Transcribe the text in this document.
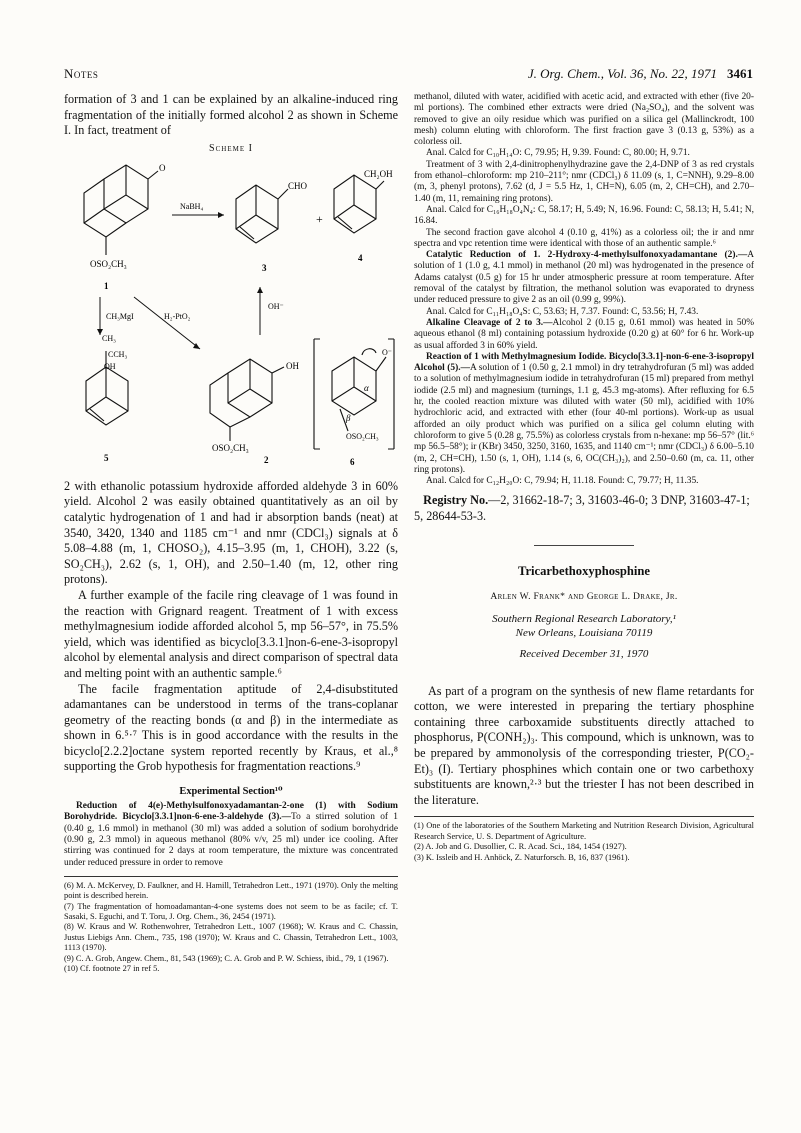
Notes	J. Org. Chem., Vol. 36, No. 22, 1971 3461

formation of 3 and 1 can be explained by an alkaline-induced ring fragmentation of the initially formed alcohol 2 as shown in Scheme I. In fact, treatment of

Scheme I
O
OSO₂CH₃
1
NaBH₄
CHO
3
+
CH₂OH
4
CH₃MgI	H₂-PtO₂
OH⁻
CH₃
CCH₃
OH
5
OH
OSO₂CH₃
2
O⁻
α
β
OSO₂CH₃
6

2 with ethanolic potassium hydroxide afforded aldehyde 3 in 60% yield. Alcohol 2 was easily obtained quantitatively as an oil by catalytic hydrogenation of 1 and had ir absorption bands (neat) at 3540, 3420, 1340 and 1185 cm⁻¹ and nmr (CDCl₃) signals at δ 5.08–4.88 (m, 1, CHOSO₂), 4.15–3.95 (m, 1, CHOH), 3.22 (s, SO₂CH₃), 2.62 (s, 1, OH), and 2.50–1.40 (m, 12, other ring protons).

A further example of the facile ring cleavage of 1 was found in the reaction with Grignard reagent. Treatment of 1 with excess methylmagnesium iodide afforded alcohol 5, mp 56–57°, in 75.5% yield, which was identified as bicyclo[3.3.1]non-6-ene-3-isopropyl alcohol by elemental analysis and direct comparison of spectral data and melting point with an authentic sample.⁶

The facile fragmentation aptitude of 2,4-disubstituted adamantanes can be understood in terms of the trans-coplanar geometry of the reacting bonds (α and β) in the intermediate as shown in 6.⁵·⁷ This is in good accordance with the results in the bicyclo[2.2.2]octane system reported recently by Kraus, et al.,⁸ supporting the Grob hypothesis for fragmentation reactions.⁹

Experimental Section¹⁰

Reduction of 4(e)-Methylsulfonoxyadamantan-2-one (1) with Sodium Borohydride. Bicyclo[3.3.1]non-6-ene-3-aldehyde (3).—To a stirred solution of 1 (0.40 g, 1.6 mmol) in methanol (30 ml) was added a solution of sodium borohydride (0.90 g, 2.3 mmol) in aqueous methanol (80% v/v, 25 ml) under ice cooling. After stirring was continued for 2 days at room temperature, the mixture was concentrated under reduced pressure in order to remove

(6) M. A. McKervey, D. Faulkner, and H. Hamill, Tetrahedron Lett., 1971 (1970). Only the melting point is described herein.

(7) The fragmentation of homoadamantan-4-one systems does not seem to be as facile; cf. T. Sasaki, S. Eguchi, and T. Toru, J. Org. Chem., 36, 2454 (1971).

(8) W. Kraus and W. Rothenwohrer, Tetrahedron Lett., 1007 (1968); W. Kraus and C. Chassin, Justus Liebigs Ann. Chem., 735, 198 (1970); W. Kraus and C. Chassin, Tetrahedron Lett., 1003, 1113 (1970).

(9) C. A. Grob, Angew. Chem., 81, 543 (1969); C. A. Grob and P. W. Schiess, ibid., 79, 1 (1967).

(10) Cf. footnote 27 in ref 5.

methanol, diluted with water, acidified with acetic acid, and extracted with ether (five 20-ml portions). The combined ether extracts were dried (Na₂SO₄), and the solvent was removed to give an oily residue which was purified on a silica gel (Mallinckrodt, 100 mesh) column eluting with chloroform. The first fraction gave 3 (0.13 g, 53%) as a colorless oil.

Anal. Calcd for C₁₀H₁₄O: C, 79.95; H, 9.39. Found: C, 80.00; H, 9.71.

Treatment of 3 with 2,4-dinitrophenylhydrazine gave the 2,4-DNP of 3 as red crystals from ethanol–chloroform: mp 210–211°; nmr (CDCl₃) δ 11.09 (s, 1, C=NNH), 9.29–8.00 (m, 3, phenyl protons), 7.62 (d, J = 5.5 Hz, 1, CH=N), 6.05 (m, 2, CH=CH), and 2.70–1.40 (m, 11, remaining ring protons).

Anal. Calcd for C₁₆H₁₈O₄N₄: C, 58.17; H, 5.49; N, 16.96. Found: C, 58.13; H, 5.41; N, 16.84.

The second fraction gave alcohol 4 (0.10 g, 41%) as a colorless oil; the ir and nmr spectra and vpc retention time were identical with those of an authentic sample.⁶

Catalytic Reduction of 1. 2-Hydroxy-4-methylsulfonoxyadamantane (2).—A solution of 1 (1.0 g, 4.1 mmol) in methanol (20 ml) was hydrogenated in the presence of Adams catalyst (0.5 g) for 15 hr under atmospheric pressure at room temperature. After removal of the catalyst by filtration, the methanol solution was evaporated to dryness under reduced pressure to give 2 as an oil (0.99 g, 99%).

Anal. Calcd for C₁₁H₁₈O₄S: C, 53.63; H, 7.37. Found: C, 53.56; H, 7.43.

Alkaline Cleavage of 2 to 3.—Alcohol 2 (0.15 g, 0.61 mmol) was heated in 50% aqueous ethanol (8 ml) containing potassium hydroxide (0.20 g) at 60° for 6 hr. Work-up as usual afforded 3 in 60% yield.

Reaction of 1 with Methylmagnesium Iodide. Bicyclo[3.3.1]-non-6-ene-3-isopropyl Alcohol (5).—A solution of 1 (0.50 g, 2.1 mmol) in dry tetrahydrofuran (5 ml) was added to a solution of methylmagnesium iodide in tetrahydrofuran (15 ml) prepared from methyl iodide (2.5 ml) and magnesium (turnings, 1.1 g, 45.3 mg-atoms). After refluxing for 6.5 hr, the cooled reaction mixture was diluted with water (50 ml), acidified with 10% hydrochloric acid, and extracted with ether (four 40-ml portions). Work-up as usual afforded an oily product which was purified on a silica gel column eluting with chloroform to give 5 (0.28 g, 75.5%) as colorless crystals from n-hexane: mp 56–57° (lit.⁶ mp 56.5–58°); ir (KBr) 3450, 3250, 3160, 1635, and 1140 cm⁻¹; nmr (CDCl₃) δ 6.00–5.10 (m, 2, CH=CH), 1.50 (s, 1, OH), 1.14 (s, 6, OC(CH₃)₂), and 2.50–0.60 (m, ca. 11, other ring protons).

Anal. Calcd for C₁₂H₂₀O: C, 79.94; H, 11.18. Found: C, 79.77; H, 11.35.

Registry No.—2, 31662-18-7; 3, 31603-46-0; 3 DNP, 31603-47-1; 5, 28644-53-3.

Tricarbethoxyphosphine
Arlen W. Frank* and George L. Drake, Jr.
Southern Regional Research Laboratory,¹
New Orleans, Louisiana 70119
Received December 31, 1970

As part of a program on the synthesis of new flame retardants for cotton, we were interested in preparing the tertiary phosphine containing three carboxamide substituents directly attached to phosphorus, P(CONH₂)₃. This compound, which is unknown, was to be prepared by ammonolysis of the corresponding triester, P(CO₂-Et)₃ (I). Tertiary phosphines which contain one or two carbethoxy substituents are known,²·³ but the triester I has not been described in the literature.

(1) One of the laboratories of the Southern Marketing and Nutrition Research Division, Agricultural Research Service, U. S. Department of Agriculture.

(2) A. Job and G. Dusollier, C. R. Acad. Sci., 184, 1454 (1927).

(3) K. Issleib and H. Anhöck, Z. Naturforsch. B, 16, 837 (1961).
